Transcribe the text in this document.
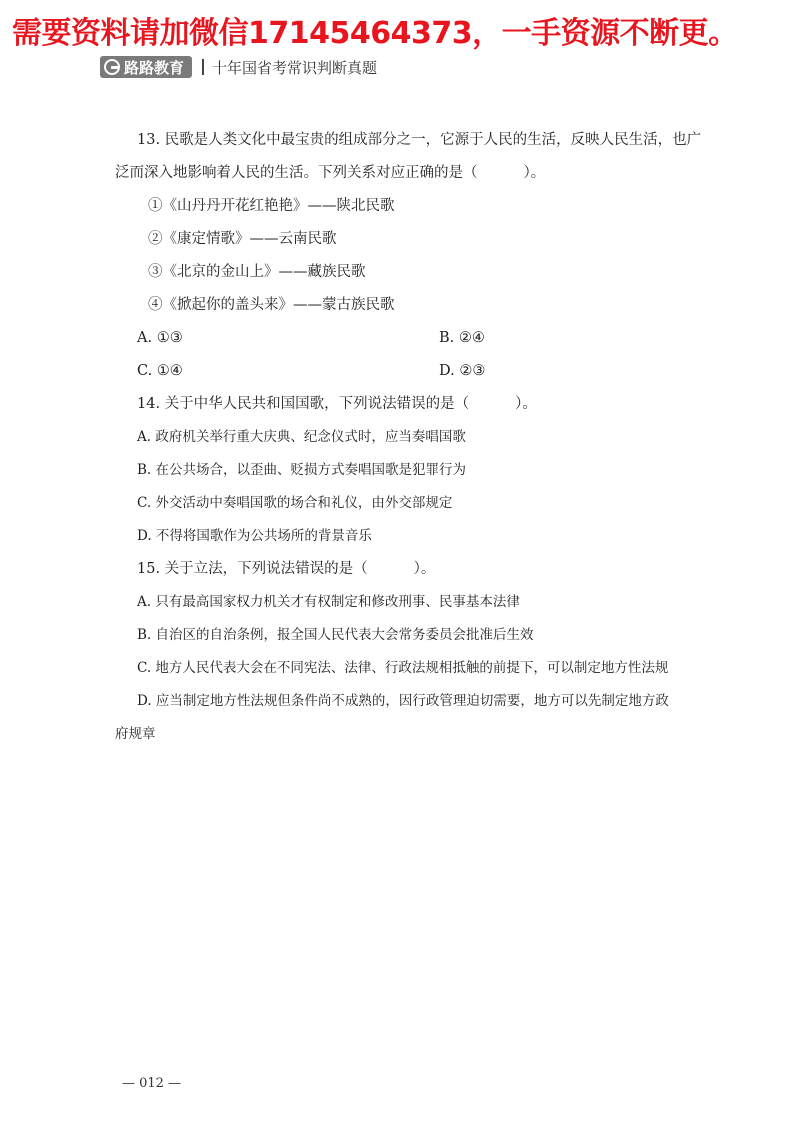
需要资料请加微信17145464373，一手资源不断更。
路路教育 十年国省考常识判断真题
13. 民歌是人类文化中最宝贵的组成部分之一，它源于人民的生活，反映人民生活，也广
泛而深入地影响着人民的生活。下列关系对应正确的是（	）。
①《山丹丹开花红艳艳》——陕北民歌
②《康定情歌》——云南民歌
③《北京的金山上》——藏族民歌
④《掀起你的盖头来》——蒙古族民歌
A. ①③	B. ②④
C. ①④	D. ②③
14. 关于中华人民共和国国歌，下列说法错误的是（	）。
A. 政府机关举行重大庆典、纪念仪式时，应当奏唱国歌
B. 在公共场合，以歪曲、贬损方式奏唱国歌是犯罪行为
C. 外交活动中奏唱国歌的场合和礼仪，由外交部规定
D. 不得将国歌作为公共场所的背景音乐
15. 关于立法，下列说法错误的是（	）。
A. 只有最高国家权力机关才有权制定和修改刑事、民事基本法律
B. 自治区的自治条例，报全国人民代表大会常务委员会批准后生效
C. 地方人民代表大会在不同宪法、法律、行政法规相抵触的前提下，可以制定地方性法规
D. 应当制定地方性法规但条件尚不成熟的，因行政管理迫切需要，地方可以先制定地方政
府规章
— 012 —
